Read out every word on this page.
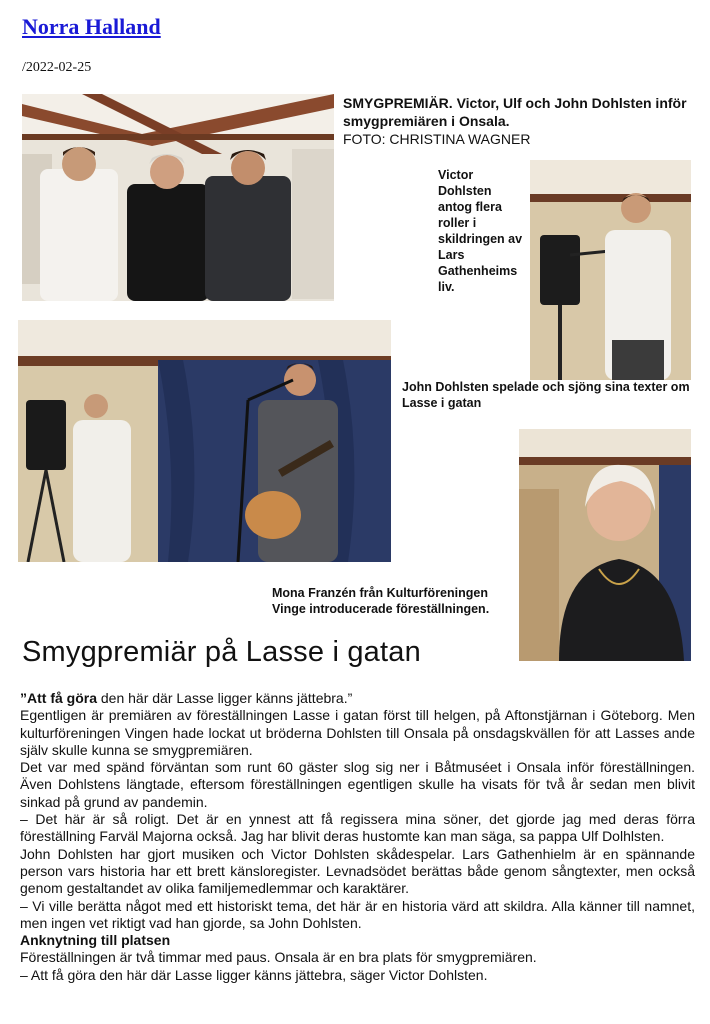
Norra Halland
/2022-02-25
SMYGPREMIÄR. Victor, Ulf och John Dohlsten inför smygpremiären i Onsala.
FOTO: CHRISTINA WAGNER
Victor Dohlsten antog flera roller i skildringen av Lars Gathenheims liv.
John Dohlsten spelade och sjöng sina texter om Lasse i gatan
Mona Franzén från Kulturföreningen Vinge introducerade föreställningen.
Smygpremiär på Lasse i gatan

”Att få göra den här där Lasse ligger känns jättebra.”

Egentligen är premiären av föreställningen Lasse i gatan först till helgen, på Aftonstjärnan i Göteborg. Men kulturföreningen Vingen hade lockat ut bröderna Dohlsten till Onsala på onsdagskvällen för att Lasses ande själv skulle kunna se smygpremiären.

Det var med spänd förväntan som runt 60 gäster slog sig ner i Båtmuséet i Onsala inför föreställningen. Även Dohlstens längtade, eftersom föreställningen egentligen skulle ha visats för två år sedan men blivit sinkad på grund av pandemin.

– Det här är så roligt. Det är en ynnest att få regissera mina söner, det gjorde jag med deras förra föreställning Farväl Majorna också. Jag har blivit deras hustomte kan man säga, sa pappa Ulf Dolhlsten.

John Dohlsten har gjort musiken och Victor Dohlsten skådespelar. Lars Gathenhielm är en spännande person vars historia har ett brett känsloregister. Levnadsödet berättas både genom sångtexter, men också genom gestaltandet av olika familjemedlemmar och karaktärer.

– Vi ville berätta något med ett historiskt tema, det här är en historia värd att skildra. Alla känner till namnet, men ingen vet riktigt vad han gjorde, sa John Dohlsten.

Anknytning till platsen

Föreställningen är två timmar med paus. Onsala är en bra plats för smygpremiären.

– Att få göra den här där Lasse ligger känns jättebra, säger Victor Dohlsten.
